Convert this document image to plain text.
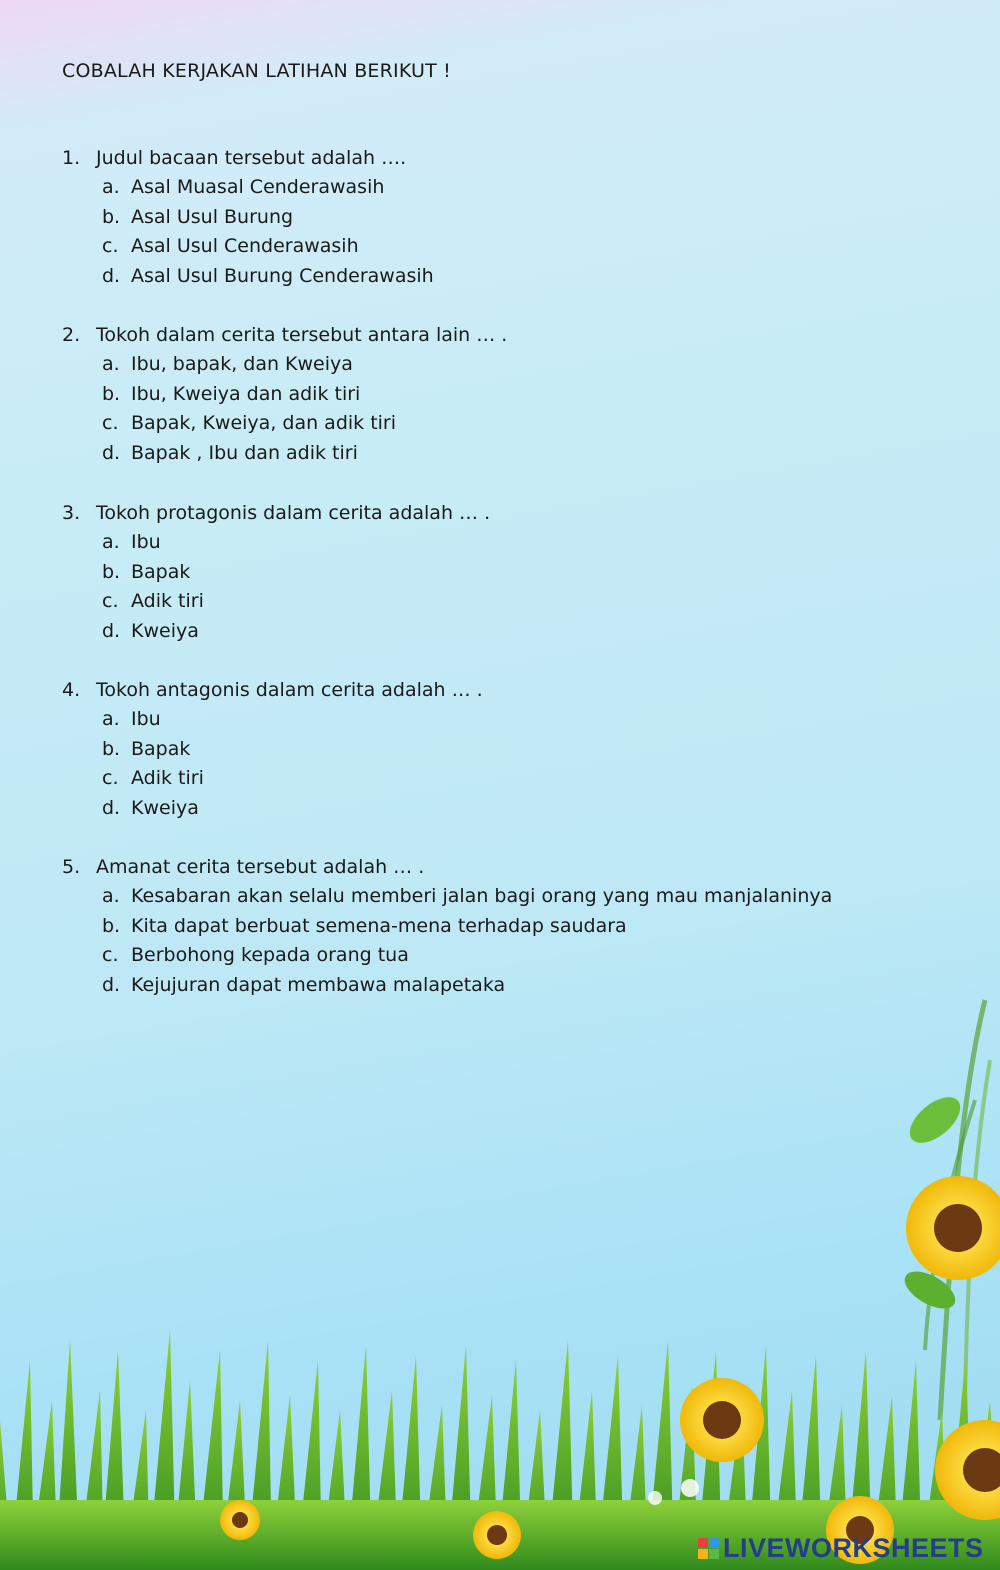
COBALAH KERJAKAN LATIHAN BERIKUT !
1. Judul bacaan tersebut adalah ….
a. Asal Muasal Cenderawasih
b. Asal Usul Burung
c. Asal Usul Cenderawasih
d. Asal Usul Burung Cenderawasih
2. Tokoh dalam cerita tersebut antara lain … .
a. Ibu, bapak, dan Kweiya
b. Ibu, Kweiya dan adik tiri
c. Bapak, Kweiya, dan adik tiri
d. Bapak , Ibu dan adik tiri
3. Tokoh protagonis dalam cerita adalah … .
a. Ibu
b. Bapak
c. Adik tiri
d. Kweiya
4. Tokoh antagonis dalam cerita adalah … .
a. Ibu
b. Bapak
c. Adik tiri
d. Kweiya
5. Amanat cerita tersebut adalah … .
a. Kesabaran akan selalu memberi jalan bagi orang yang mau manjalaninya
b. Kita dapat berbuat semena-mena terhadap saudara
c. Berbohong kepada orang tua
d. Kejujuran dapat membawa malapetaka
LIVEWORKSHEETS
